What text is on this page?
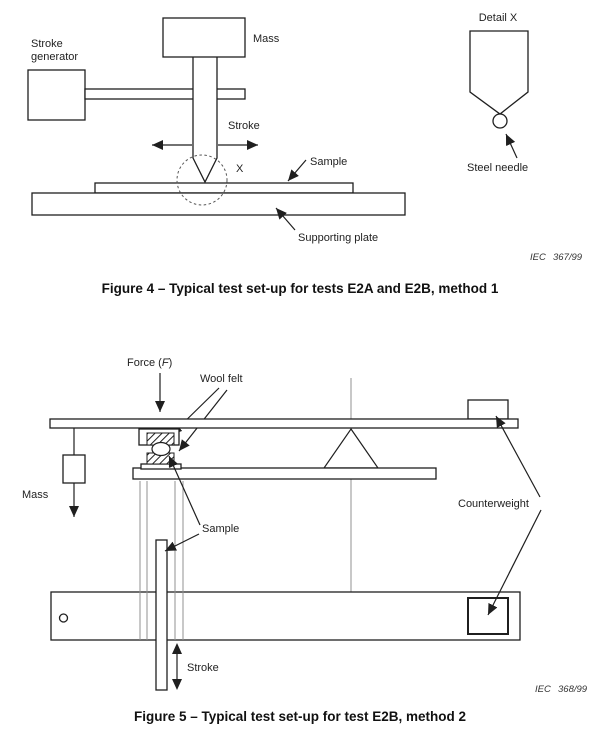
Stroke
generator
Mass
Stroke
X
Sample
Supporting plate
Detail X
Steel needle
IEC 367/99
Figure 4 – Typical test set-up for tests E2A and E2B, method 1
Force (F)
Wool felt
Mass
Sample
Counterweight
Stroke
IEC 368/99
Figure 5 – Typical test set-up for test E2B, method 2
